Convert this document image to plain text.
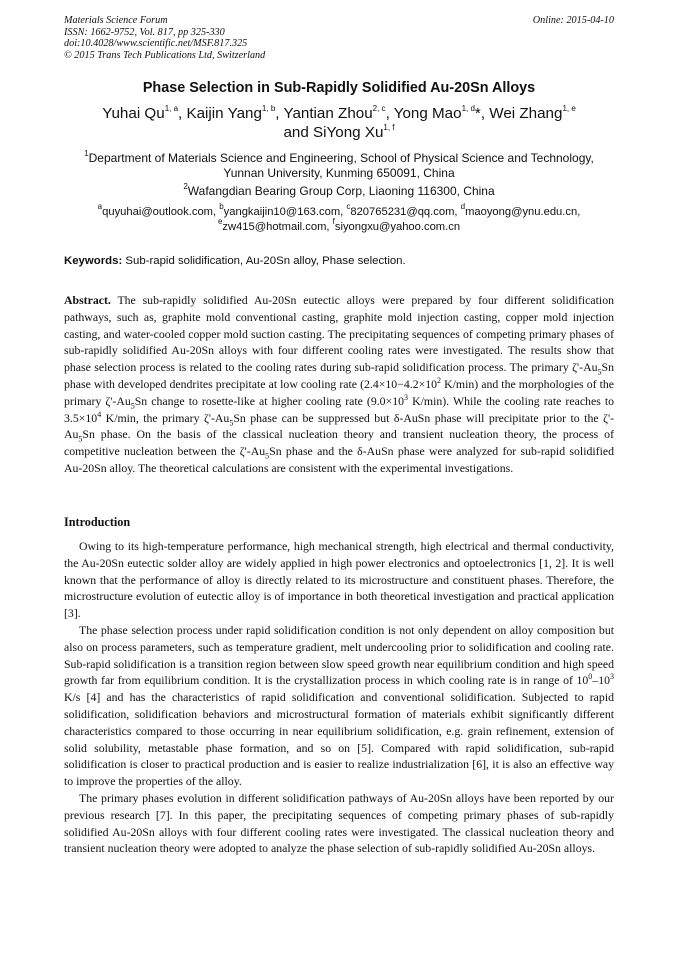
Materials Science Forum
ISSN: 1662-9752, Vol. 817, pp 325-330
doi:10.4028/www.scientific.net/MSF.817.325
© 2015 Trans Tech Publications Ltd, Switzerland
Online: 2015-04-10
Phase Selection in Sub-Rapidly Solidified Au-20Sn Alloys
Yuhai Qu$^{1, a}$, Kaijin Yang$^{1, b}$, Yantian Zhou$^{2, c}$, Yong Mao$^{1, d}$*, Wei Zhang$^{1, e}$
and SiYong Xu$^{1, f}$
$^1$Department of Materials Science and Engineering, School of Physical Science and Technology,
Yunnan University, Kunming 650091, China
$^2$Wafangdian Bearing Group Corp, Liaoning 116300, China
$^a$quyuhai@outlook.com, $^b$yangkaijin10@163.com, $^c$820765231@qq.com, $^d$maoyong@ynu.edu.cn,
$^e$zw415@hotmail.com, $^f$siyongxu@yahoo.com.cn
Keywords: Sub-rapid solidification, Au-20Sn alloy, Phase selection.
Abstract. The sub-rapidly solidified Au-20Sn eutectic alloys were prepared by four different solidification pathways, such as, graphite mold conventional casting, graphite mold injection casting, copper mold injection casting, and water-cooled copper mold suction casting. The precipitating sequences of competing primary phases of sub-rapidly solidified Au-20Sn alloys with four different cooling rates were investigated. The results show that phase selection process is related to the cooling rates during sub-rapid solidification process. The primary $\zeta'-Au_5Sn$ phase with developed dendrites precipitate at low cooling rate ($2.4\times 10-4.2\times 10^2$ K/min) and the morphologies of the primary $\zeta'-Au_5Sn$ change to rosette-like at higher cooling rate ($9.0\times 10^3$ K/min). While the cooling rate reaches to $3.5\times 10^4$ K/min, the primary $\zeta'-Au_5Sn$ phase can be suppressed but δ-AuSn phase will precipitate prior to the $\zeta'-Au_5Sn$ phase. On the basis of the classical nucleation theory and transient nucleation theory, the process of competitive nucleation between the $\zeta'-Au_5Sn$ phase and the δ-AuSn phase were analyzed for sub-rapid solidified Au-20Sn alloy. The theoretical calculations are consistent with the experimental investigations.
Introduction

Owing to its high-temperature performance, high mechanical strength, high electrical and thermal conductivity, the Au-20Sn eutectic solder alloy are widely applied in high power electronics and optoelectronics [1, 2]. It is well known that the performance of alloy is directly related to its microstructure and constituent phases. Therefore, the microstructure evolution of eutectic alloy is of importance in both theoretical investigation and practical application [3].

The phase selection process under rapid solidification condition is not only dependent on alloy composition but also on process parameters, such as temperature gradient, melt undercooling prior to solidification and cooling rate. Sub-rapid solidification is a transition region between slow speed growth near equilibrium condition and high speed growth far from equilibrium condition. It is the crystallization process in which cooling rate is in range of $10^0-10^3$ K/s [4] and has the characteristics of rapid solidification and conventional solidification. Subjected to rapid solidification, solidification behaviors and microstructural formation of materials exhibit significantly different characteristics compared to those occurring in near equilibrium solidification, e.g. grain refinement, extension of solid solubility, metastable phase formation, and so on [5]. Compared with rapid solidification, sub-rapid solidification is closer to practical production and is easier to realize industrialization [6], it is also an effective way to improve the properties of the alloy.

The primary phases evolution in different solidification pathways of Au-20Sn alloys have been reported by our previous research [7]. In this paper, the precipitating sequences of competing primary phases of sub-rapidly solidified Au-20Sn alloys with four different cooling rates were investigated. The classical nucleation theory and transient nucleation theory were adopted to analyze the phase selection of sub-rapidly solidified Au-20Sn alloys.
